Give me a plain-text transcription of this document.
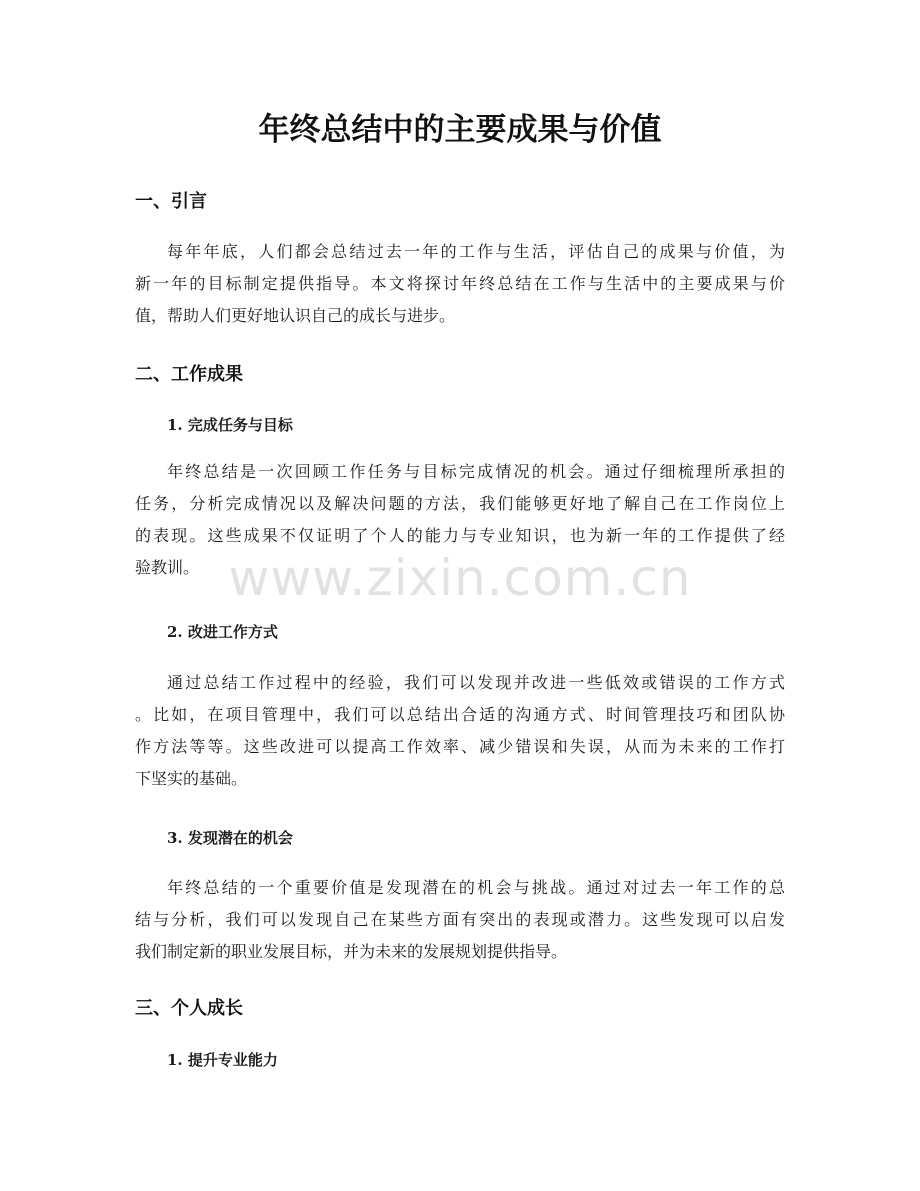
年终总结中的主要成果与价值
一、引言
每年年底，人们都会总结过去一年的工作与生活，评估自己的成果与价值，为
新一年的目标制定提供指导。本文将探讨年终总结在工作与生活中的主要成果与价
值，帮助人们更好地认识自己的成长与进步。
二、工作成果
1. 完成任务与目标
年终总结是一次回顾工作任务与目标完成情况的机会。通过仔细梳理所承担的
任务，分析完成情况以及解决问题的方法，我们能够更好地了解自己在工作岗位上
的表现。这些成果不仅证明了个人的能力与专业知识，也为新一年的工作提供了经
验教训。
2. 改进工作方式
通过总结工作过程中的经验，我们可以发现并改进一些低效或错误的工作方式
。比如，在项目管理中，我们可以总结出合适的沟通方式、时间管理技巧和团队协
作方法等等。这些改进可以提高工作效率、减少错误和失误，从而为未来的工作打
下坚实的基础。
3. 发现潜在的机会
年终总结的一个重要价值是发现潜在的机会与挑战。通过对过去一年工作的总
结与分析，我们可以发现自己在某些方面有突出的表现或潜力。这些发现可以启发
我们制定新的职业发展目标，并为未来的发展规划提供指导。
三、个人成长
1. 提升专业能力
www.zixin.com.cn
